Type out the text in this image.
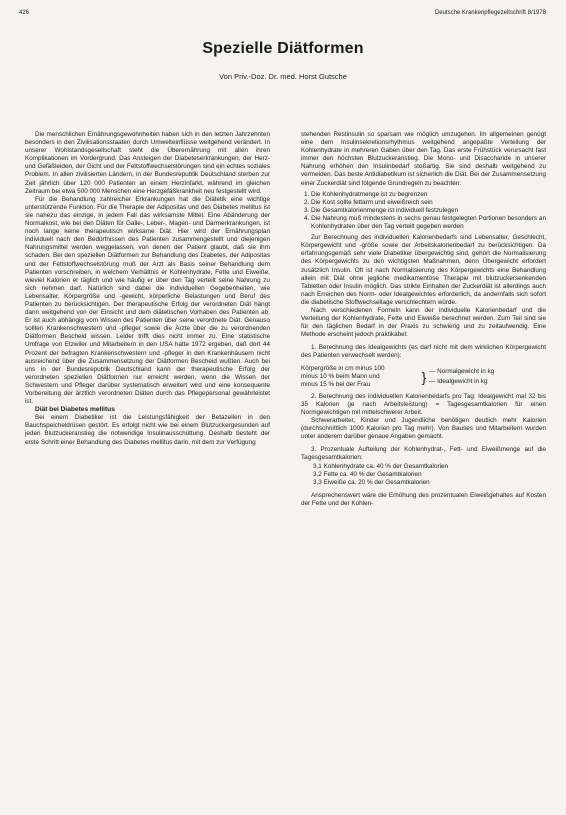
426	Deutsche Krankenpflegezeitschrift 8/1978
Spezielle Diätformen
Von Priv.-Doz. Dr. med. Horst Gutsche

Die menschlichen Ernährungsgewohnheiten haben sich in den letzten Jahrzehnten besonders in den Zivilisationsstaaten durch Umwelteinflüsse weitgehend verändert. In unserer Wohlstandsgesellschaft steht die Überernährung mit allen ihren Komplikationen im Vordergrund. Das Ansteigen der Diabeteserkrankungen, der Herz- und Gefäßleiden, der Gicht und der Fettstoffwechselstörungen sind ein echtes soziales Problem. In allen zivilisierten Ländern, in der Bundesrepublik Deutschland sterben zur Zeit jährlich über 120 000 Patienten an einem Herzinfarkt, während im gleichen Zeitraum bei etwa 500 000 Menschen eine Herzgefäßkrankheit neu festgestellt wird.

Für die Behandlung zahlreicher Erkrankungen hat die Diätetik eine wichtige unterstützende Funktion. Für die Therapie der Adipositas und des Diabetes mellitus ist sie nahezu das einzige, in jedem Fall das wirksamste Mittel. Eine Abänderung der Normalkost, wie bei den Diäten für Galle-, Leber-, Magen- und Darmerkrankungen, ist noch lange keine therapeutisch wirksame Diät. Hier wird der Ernährungsplan individuell nach den Bedürfnissen des Patienten zusammengestellt und diejenigen Nahrungsmittel werden weggelassen, von denen der Patient glaubt, daß sie ihm schaden. Bei den speziellen Diätformen zur Behandlung des Diabetes, der Adipositas und der Fettstoffwechselstörung muß der Arzt als Basis seiner Behandlung dem Patienten vorschreiben, in welchem Verhältnis er Kohlenhydrate, Fette und Eiweiße, wieviel Kalorien er täglich und wie häufig er über den Tag verteilt seine Nahrung zu sich nehmen darf. Natürlich sind dabei die individuellen Gegebenheiten, wie Lebensalter, Körpergröße und -gewicht, körperliche Belastungen und Beruf des Patienten zu berücksichtigen. Der therapeutische Erfolg der verordneten Diät hängt dann weitgehend von der Einsicht und dem diätetischen Vorhaben des Patienten ab. Er ist auch abhängig vom Wissen des Patienten über seine verordnete Diät. Genauso sollten Krankenschwestern und -pfleger sowie die Ärzte über die zu verordnenden Diätformen Bescheid wissen. Leider trifft dies nicht immer zu. Eine statistische Umfrage von Etzwiler und Mitarbeitern in den USA hatte 1972 ergeben, daß dort 44 Prozent der befragten Krankenschwestern und -pfleger in den Krankenhäusern nicht ausreichend über die Zusammensetzung der Diätformen Bescheid wußten. Auch bei uns in der Bundesrepublik Deutschland kann der therapeutische Erfolg der verordneten speziellen Diätformen nur erreicht werden, wenn die Wissen der Schwestern und Pfleger darüber systematisch erweitert wird und eine konsequente Vorbereitung der ärztlich verordneten Diäten durch das Pflegepersonal gewährleistet ist.

Diät bei Diabetes mellitus

Bei einem Diabetiker ist die Leistungsfähigkeit der Betazellen in den Bauchspeicheldrüsen gestört. Es erfolgt nicht wie bei einem Blutzuckergesunden auf jeden Blutzuckeranstieg die notwendige Insulinausschüttung. Deshalb besteht der erste Schritt einer Behandlung des Diabetes mellitus darin, mit dem zur Verfügung

stehenden Restinsulin so sparsam wie möglich umzugehen. Im allgemeinen genügt eine dem Insulinsekretionsrhythmus weitgehend angepaßte Verteilung der Kohlenhydrate in mehreren Gaben über den Tag. Das erste Frühstück verursacht fast immer den höchsten Blutzuckeranstieg. Die Mono- und Disaccharide in unserer Nahrung erhöhen den Insulinbedarf stoßartig. Sie sind deshalb weitgehend zu vermeiden. Das beste Antidiabetikum ist sicherlich die Diät. Bei der Zusammensetzung einer Zuckerdiät sind folgende Grundregeln zu beachten:

1. Die Kohlenhydratmenge ist zu begrenzen
2. Die Kost sollte fettarm und eiweißreich sein
3. Die Gesamtkalorienmenge ist individuell festzulegen
4. Die Nahrung muß mindestens in sechs genau festgelegten Portionen besonders an Kohlenhydraten über den Tag verteilt gegeben werden

Zur Berechnung des individuellen Kalorienbedarfs sind Lebensalter, Geschlecht, Körpergewicht und -größe sowie der Arbeitskalorienbedarf zu berücksichtigen. Da erfahrungsgemäß sehr viele Diabetiker übergewichtig sind, gehört die Normalisierung des Körpergewichts zu den wichtigsten Maßnahmen, denn Übergewicht erfordert zusätzlich Insulin. Oft ist nach Normalisierung des Körpergewichts eine Behandlung allein mit Diät ohne jegliche medikamentöse Therapie mit blutzuckersenkenden Tabletten oder Insulin möglich. Das strikte Einhalten der Zuckerdiät ist allerdings auch nach Erreichen des Norm- oder Idealgewichtes erforderlich, da andernfalls sich sofort die diabetische Stoffwechsellage verschlechtern würde.

Nach verschiedenen Formeln kann der individuelle Kalorienbedarf und die Verteilung der Kohlenhydrate, Fette und Eiweiße berechnet werden. Zum Teil sind sie für den täglichen Bedarf in der Praxis zu schwierig und zu zeitaufwendig. Eine Methode erscheint jedoch praktikabel:

1. Berechnung des Idealgewichts (es darf nicht mit dem wirklichen Körpergewicht des Patienten verwechselt werden):

Körpergröße in cm minus 100
minus 10 % beim Mann und
minus 15 % bei der Frau	} — Normalgewicht in kg
— Idealgewicht in kg

2. Berechnung des individuellen Kalorienbedarfs pro Tag: Idealgewicht mal 32 bis 35 Kalorien (je nach Arbeitsleistung) = Tagesgesamtkalorien für einen Normgewichtigen mit mittelschwerer Arbeit.

Schwerarbeiter, Kinder und Jugendliche benötigen deutlich mehr Kalorien (durchschnittlich 1000 Kalorien pro Tag mehr). Von Bauses und Mitarbeitern wurden unter anderem darüber genaue Angaben gemacht.

3. Prozentuale Aufteilung der Kohlenhydrat-, Fett- und Eiweißmenge auf die Tagesgesamtkalorien:

3,1 Kohlenhydrate ca. 40 % der Gesamtkalorien
3,2 Fette ca. 40 % der Gesamtkalorien
3,3 Eiweiße ca. 20 % der Gesamtkalorien

Ansprechenswert wäre die Erhöhung des prozentualen Eiweißgehaltes auf Kosten der Fette und der Kohlen-
